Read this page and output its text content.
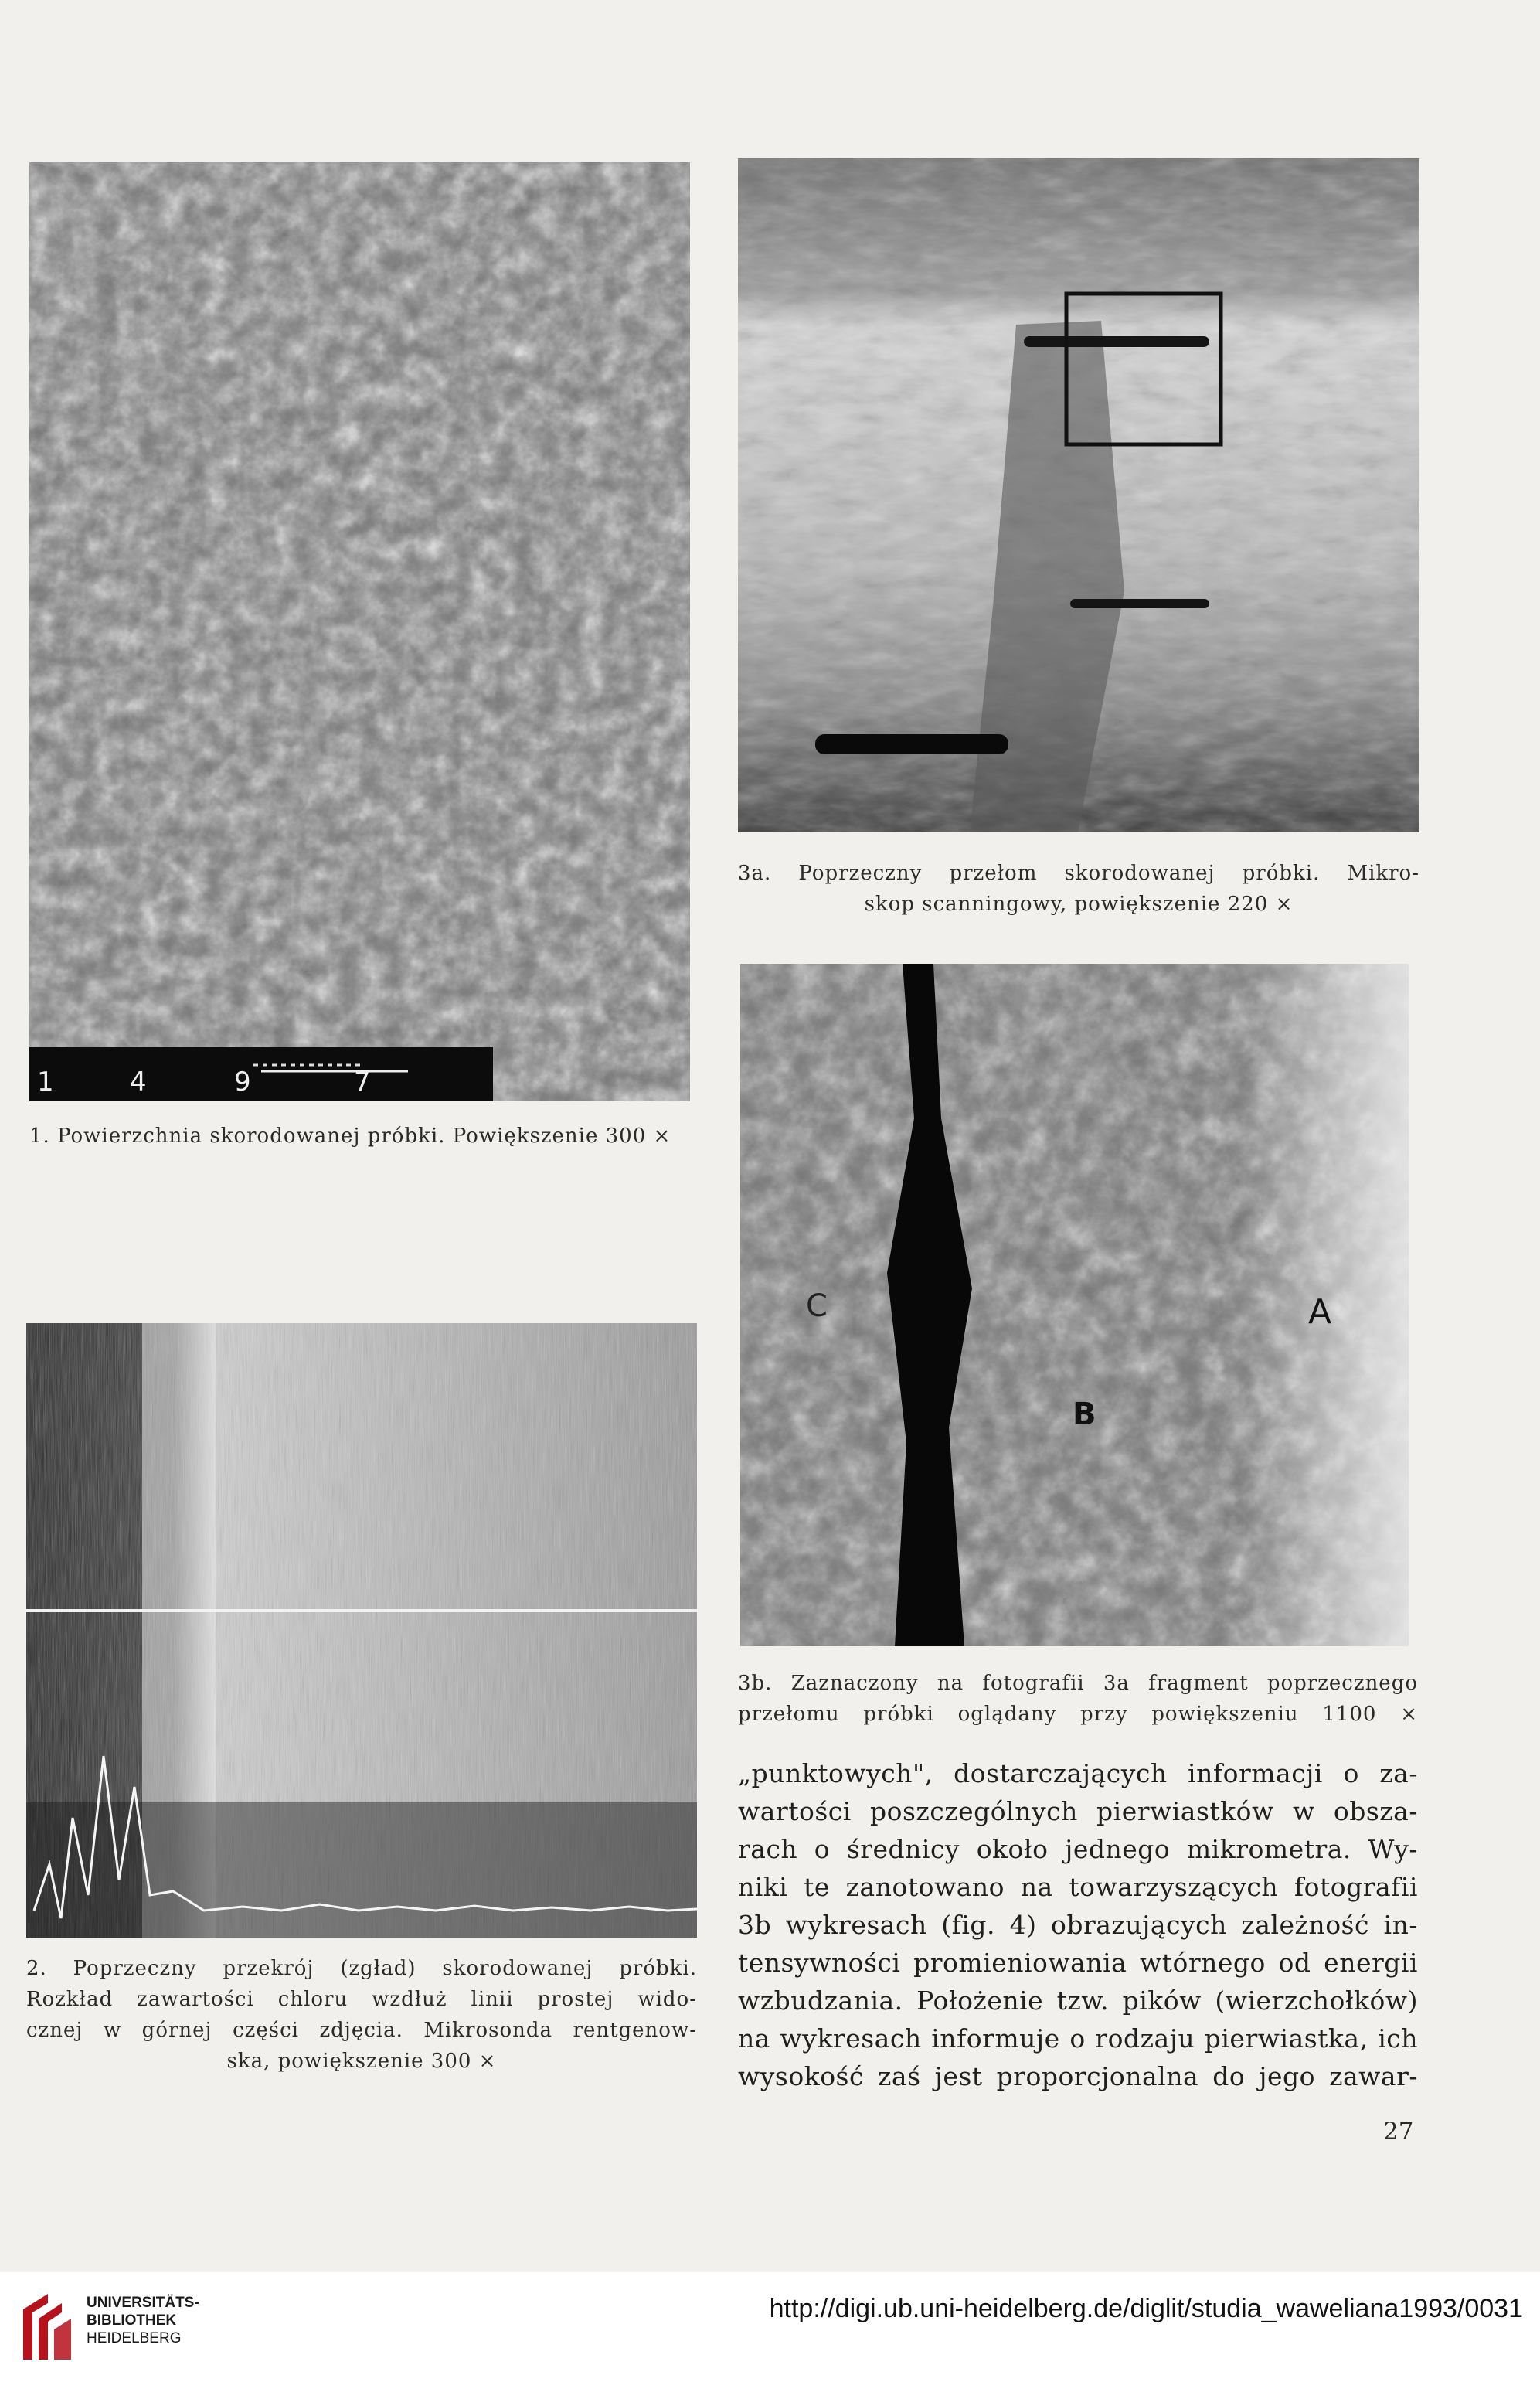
1	4	9	7

1. Powierzchnia skorodowanej próbki. Powiększenie 300 ×

2. Poprzeczny przekrój (zgład) skorodowanej próbki.

Rozkład zawartości chloru wzdłuż linii prostej wido-

cznej w górnej części zdjęcia. Mikrosonda rentgenow-

ska, powiększenie 300 ×

3a. Poprzeczny przełom skorodowanej próbki. Mikro-

skop scanningowy, powiększenie 220 ×

A
B
C

3b. Zaznaczony na fotografii 3a fragment poprzecznego

przełomu próbki oglądany przy powiększeniu 1100 ×

„punktowych", dostarczających informacji o za-

wartości poszczególnych pierwiastków w obsza-

rach o średnicy około jednego mikrometra. Wy-

niki te zanotowano na towarzyszących fotografii

3b wykresach (fig. 4) obrazujących zależność in-

tensywności promieniowania wtórnego od energii

wzbudzania. Położenie tzw. pików (wierzchołków)

na wykresach informuje o rodzaju pierwiastka, ich

wysokość zaś jest proporcjonalna do jego zawar-

27
UNIVERSITÄTS-
BIBLIOTHEK
HEIDELBERG
http://digi.ub.uni-heidelberg.de/diglit/studia_waweliana1993/0031
